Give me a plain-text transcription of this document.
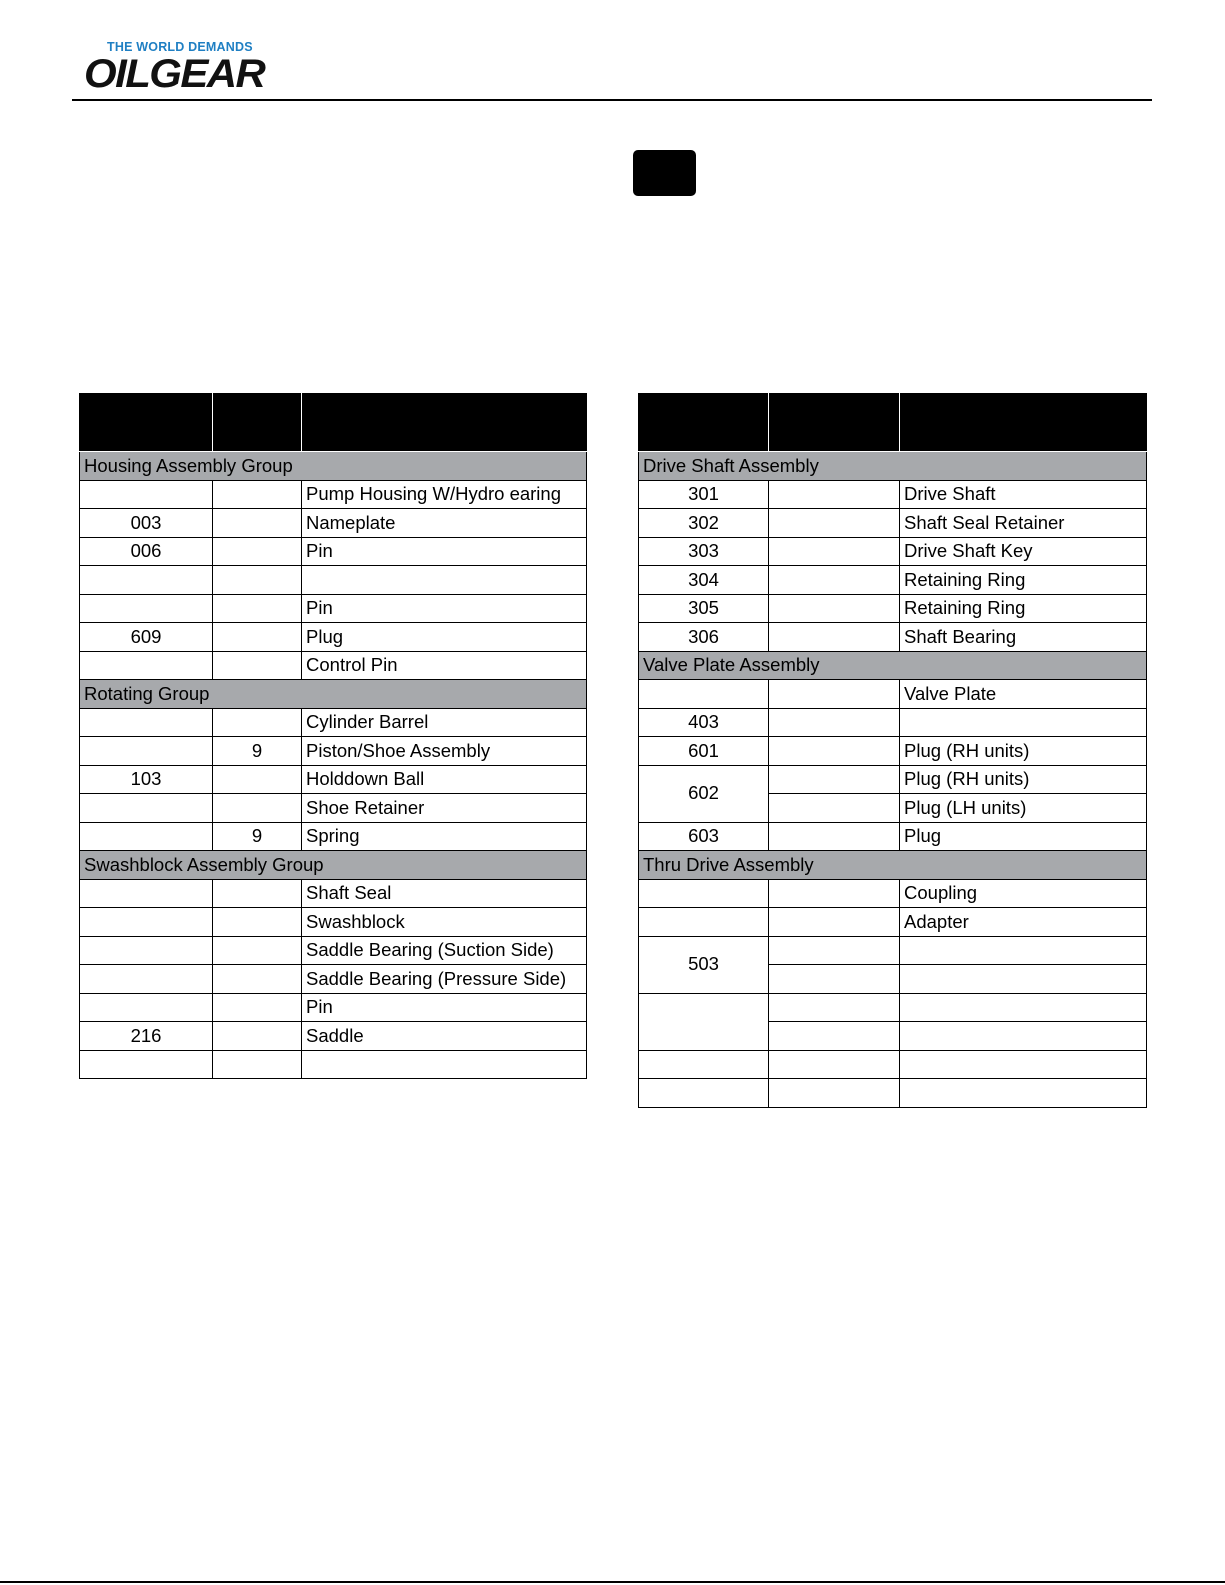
THE WORLD DEMANDS
OILGEAR

Housing Assembly Group		
		Pump Housing W/Hydro earing
003		Nameplate
006		Pin

		Pin
609		Plug
		Control Pin
Rotating Group		
		Cylinder Barrel
	9	Piston/Shoe Assembly
103		Holddown Ball
		Shoe Retainer
	9	Spring
Swashblock Assembly Group		
		Shaft Seal
		Swashblock
		Saddle Bearing (Suction Side)
		Saddle Bearing (Pressure Side)
		Pin
216		Saddle

Drive Shaft Assembly		
301		Drive Shaft
302		Shaft Seal Retainer
303		Drive Shaft Key
304		Retaining Ring
305		Retaining Ring
306		Shaft Bearing
Valve Plate Assembly		
		Valve Plate
403		
601		Plug (RH units)
602		Plug (RH units)
		Plug (LH units)
603		Plug
Thru Drive Assembly		
		Coupling
		Adapter
503		
